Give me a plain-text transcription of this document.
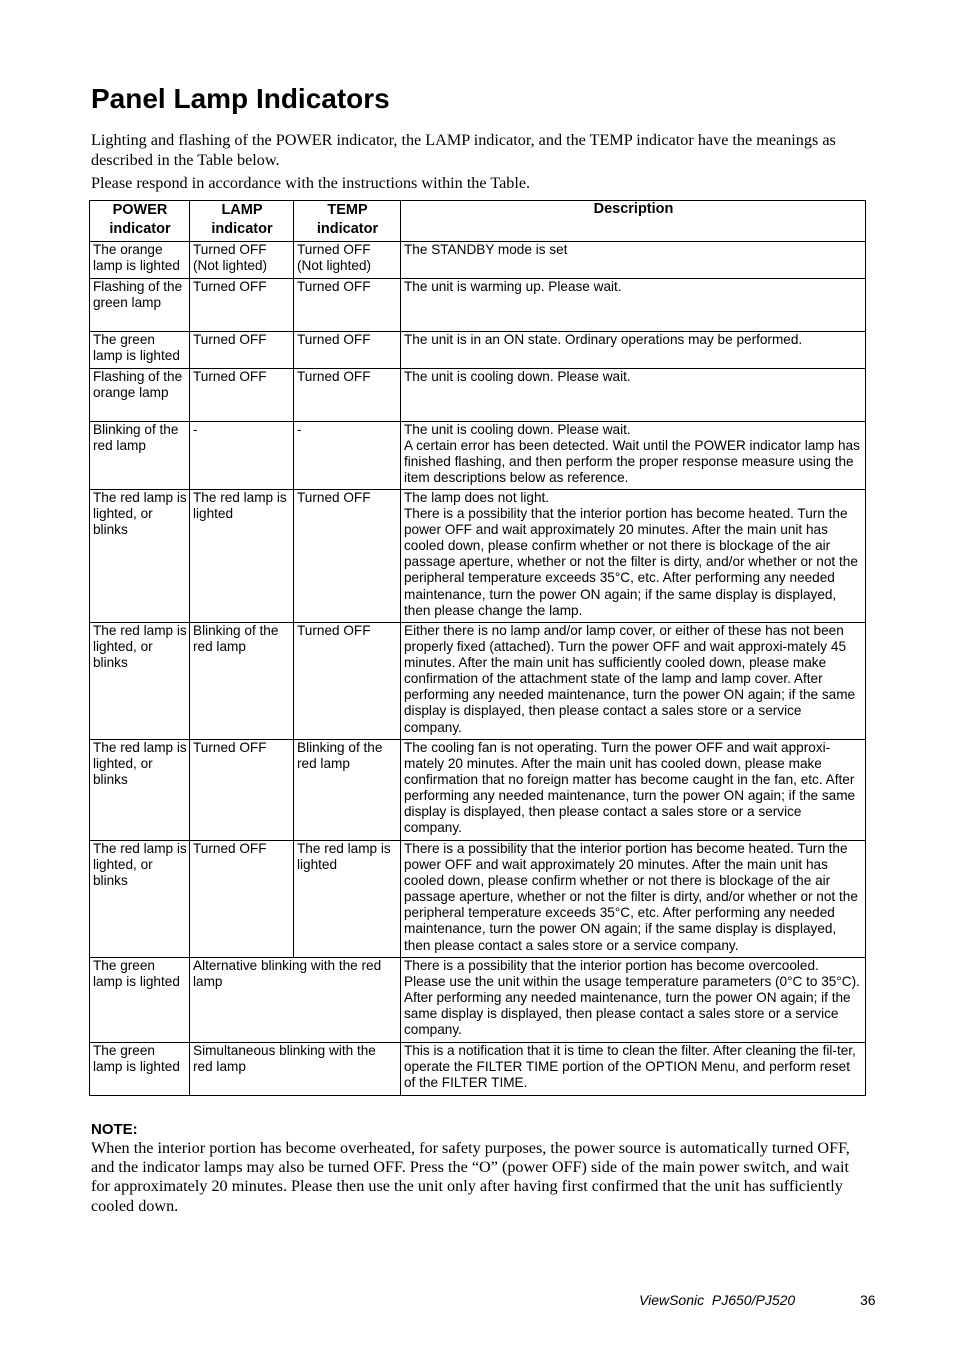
Panel Lamp Indicators

Lighting and flashing of the POWER indicator, the LAMP indicator, and the TEMP indicator have the meanings as described in the Table below.

Please respond in accordance with the instructions within the Table.

POWER indicator	LAMP indicator	TEMP indicator	Description
The orange lamp is lighted	Turned OFF (Not lighted)	Turned OFF (Not lighted)	The STANDBY mode is set

Flashing of the green lamp	Turned OFF	Turned OFF	The unit is warming up. Please wait.

The green lamp is lighted	Turned OFF	Turned OFF	The unit is in an ON state. Ordinary operations may be performed.

Flashing of the orange lamp	Turned OFF	Turned OFF	The unit is cooling down. Please wait.

Blinking of the red lamp	-	-	The unit is cooling down. Please wait.
A certain error has been detected. Wait until the POWER indicator lamp has finished flashing, and then perform the proper response measure using the item descriptions below as reference.

The red lamp is lighted, or blinks	The red lamp is lighted	Turned OFF	The lamp does not light.
There is a possibility that the interior portion has become heated. Turn the power OFF and wait approximately 20 minutes. After the main unit has cooled down, please confirm whether or not there is blockage of the air passage aperture, whether or not the filter is dirty, and/or whether or not the peripheral temperature exceeds 35°C, etc. After performing any needed maintenance, turn the power ON again; if the same display is displayed, then please change the lamp.

The red lamp is lighted, or blinks	Blinking of the red lamp	Turned OFF	Either there is no lamp and/or lamp cover, or either of these has not been properly fixed (attached). Turn the power OFF and wait approxi-mately 45 minutes. After the main unit has sufficiently cooled down, please make confirmation of the attachment state of the lamp and lamp cover. After performing any needed maintenance, turn the power ON again; if the same display is displayed, then please contact a sales store or a service company.

The red lamp is lighted, or blinks	Turned OFF	Blinking of the red lamp	The cooling fan is not operating. Turn the power OFF and wait approxi-mately 20 minutes. After the main unit has cooled down, please make confirmation that no foreign matter has become caught in the fan, etc. After performing any needed maintenance, turn the power ON again; if the same display is displayed, then please contact a sales store or a service company.

The red lamp is lighted, or blinks	Turned OFF	The red lamp is lighted	There is a possibility that the interior portion has become heated. Turn the power OFF and wait approximately 20 minutes. After the main unit has cooled down, please confirm whether or not there is blockage of the air passage aperture, whether or not the filter is dirty, and/or whether or not the peripheral temperature exceeds 35°C, etc. After performing any needed maintenance, turn the power ON again; if the same display is displayed, then please contact a sales store or a service company.

The green lamp is lighted	Alternative blinking with the red lamp		There is a possibility that the interior portion has become overcooled. Please use the unit within the usage temperature parameters (0°C to 35°C). After performing any needed maintenance, turn the power ON again; if the same display is displayed, then please contact a sales store or a service company.

The green lamp is lighted	Simultaneous blinking with the red lamp		This is a notification that it is time to clean the filter. After cleaning the fil-ter, operate the FILTER TIME portion of the OPTION Menu, and perform reset of the FILTER TIME.
NOTE:

When the interior portion has become overheated, for safety purposes, the power source is automatically turned OFF, and the indicator lamps may also be turned OFF. Press the “O” (power OFF) side of the main power switch, and wait for approximately 20 minutes. Please then use the unit only after having first confirmed that the unit has sufficiently cooled down.

ViewSonic  PJ650/PJ520	36
